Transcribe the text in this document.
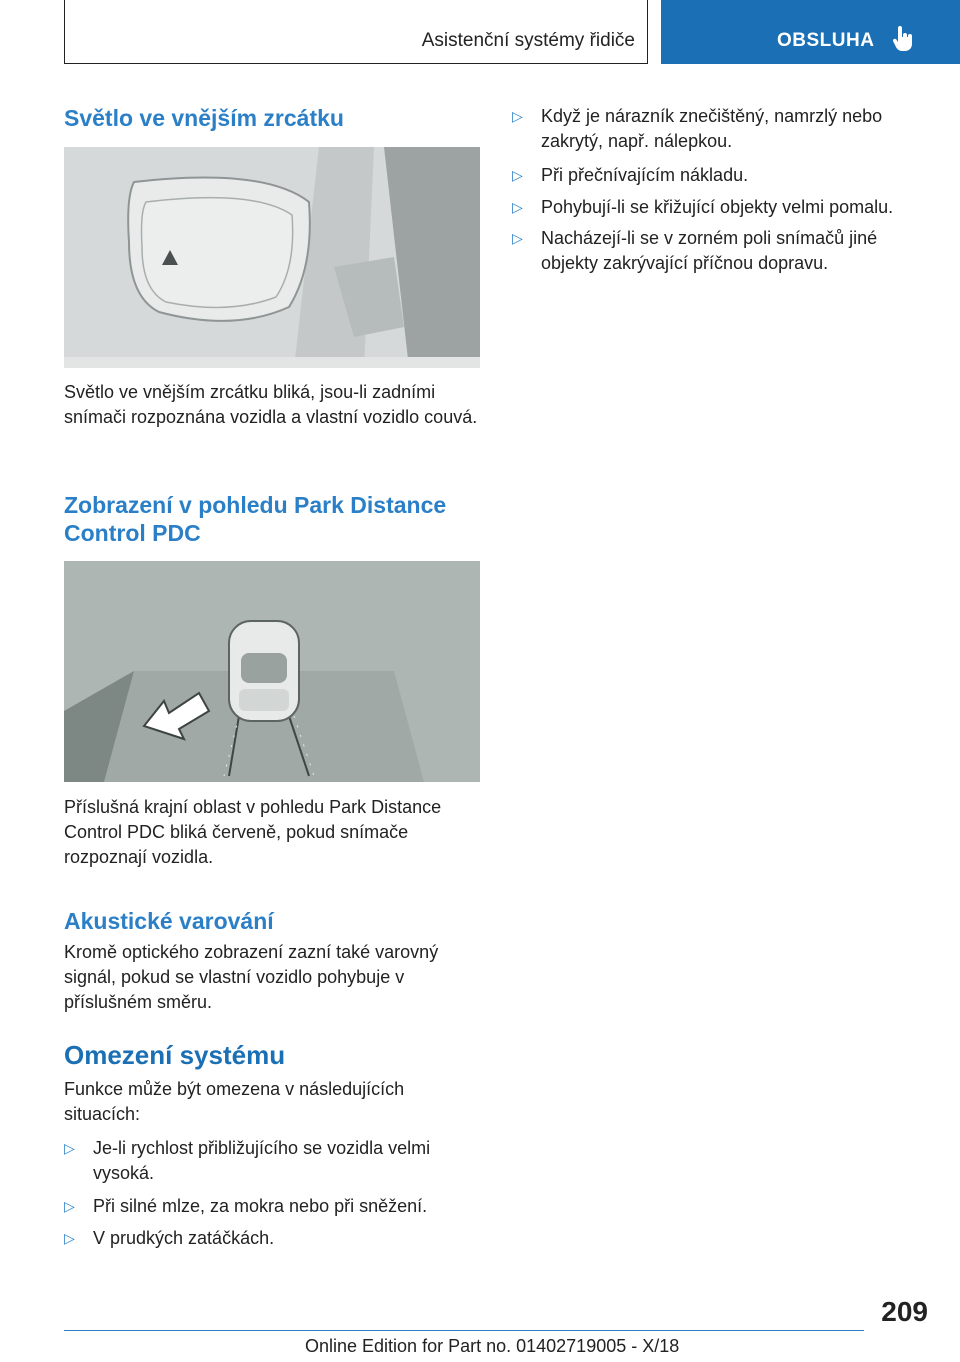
Asistenční systémy řidiče	OBSLUHA
Světlo ve vnějším zrcátku

Světlo ve vnějším zrcátku bliká, jsou-li zadními snímači rozpoznána vozidla a vlastní vozidlo couvá.

Zobrazení v pohledu Park Distance
Control PDC

Příslušná krajní oblast v pohledu Park Distance Control PDC bliká červeně, pokud snímače rozpoznají vozidla.

Akustické varování

Kromě optického zobrazení zazní také varovný signál, pokud se vlastní vozidlo pohybuje v příslušném směru.

Omezení systému

Funkce může být omezena v následujících situacích:

▷	Je-li rychlost přibližujícího se vozidla velmi vysoká.
▷	Při silné mlze, za mokra nebo při sněžení.
▷	V prudkých zatáčkách.
▷	Když je nárazník znečištěný, namrzlý nebo zakrytý, např. nálepkou.
▷	Při přečnívajícím nákladu.
▷	Pohybují-li se křižující objekty velmi pomalu.
▷	Nacházejí-li se v zorném poli snímačů jiné objekty zakrývající příčnou dopravu.
209
Online Edition for Part no. 01402719005 - X/18
